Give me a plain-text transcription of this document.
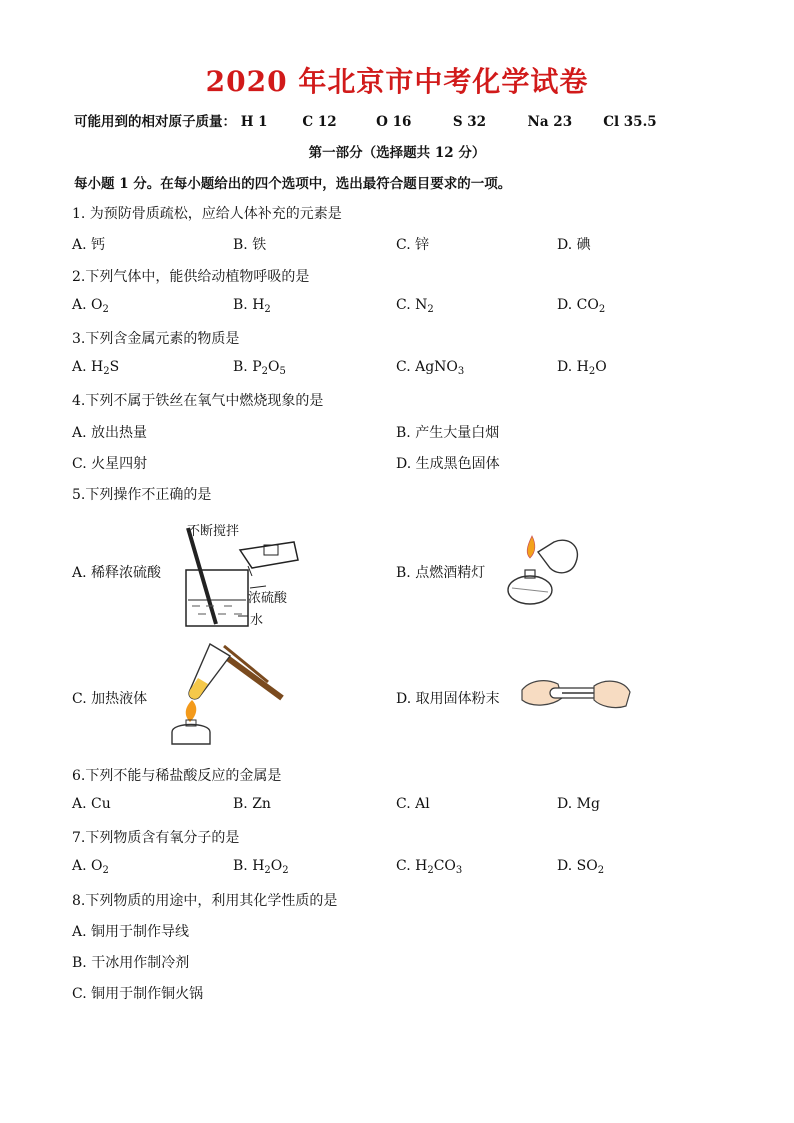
2020 年北京市中考化学试卷
可能用到的相对原子质量： H 1	C 12	O 16	S 32	Na 23 Cl 35.5
第一部分（选择题共 12 分）
每小题 1 分。在每小题给出的四个选项中，选出最符合题目要求的一项。
1. 为预防骨质疏松，应给人体补充的元素是
A. 钙	B. 铁	C. 锌	D. 碘
2.下列气体中，能供给动植物呼吸的是
A. $O_2$	B. $H_2$	C. $N_2$	D. $CO_2$
3.下列含金属元素的物质是
A. $H_2S$	B. $P_2O_5$	C. AgNO$_3$	D. $H_2O$
4.下列不属于铁丝在氧气中燃烧现象的是
A. 放出热量	B. 产生大量白烟
C. 火星四射	D. 生成黑色固体
5.下列操作不正确的是
A. 稀释浓硫酸	B. 点燃酒精灯
C. 加热液体	D. 取用固体粉末
不断搅拌
浓硫酸
水
6.下列不能与稀盐酸反应的金属是
A. Cu	B. Zn	C. Al	D. Mg
7.下列物质含有氧分子的是
A. $O_2$	B. $H_2O_2$	C. $H_2CO_3$	D. $SO_2$
8.下列物质的用途中，利用其化学性质的是
A. 铜用于制作导线
B. 干冰用作制冷剂
C. 铜用于制作铜火锅
